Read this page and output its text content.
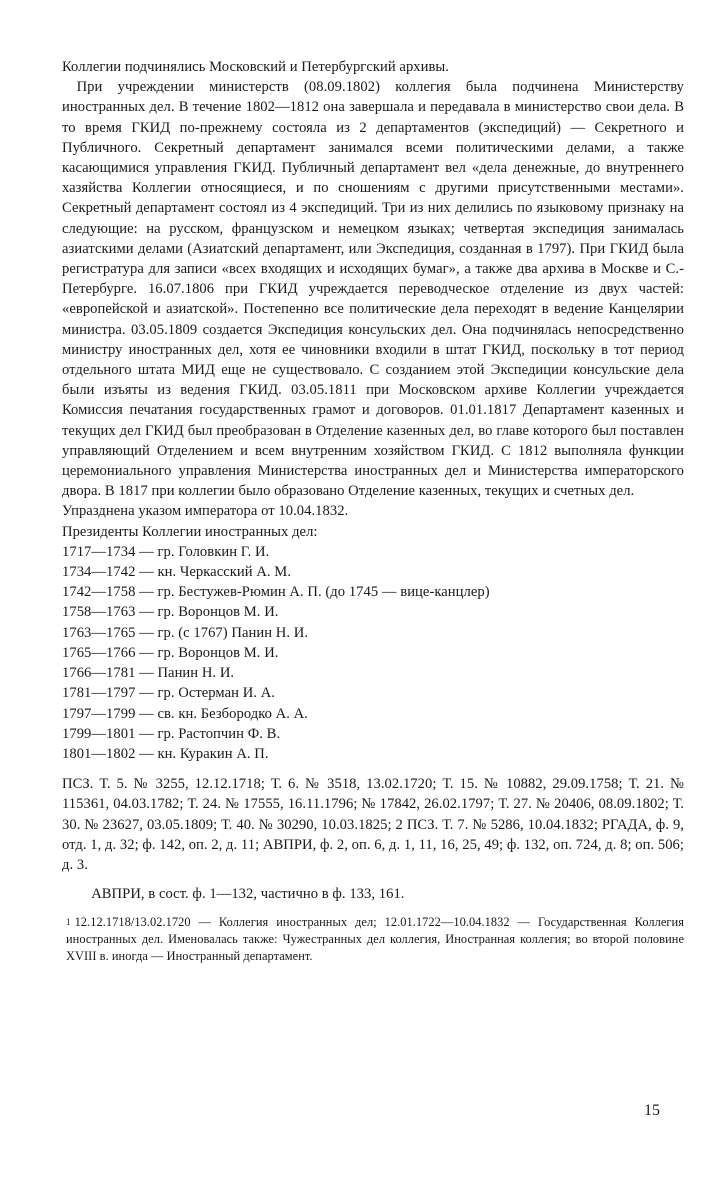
Коллегии подчинялись Московский и Петербургский архивы.

При учреждении министерств (08.09.1802) коллегия была подчинена Министерству иностранных дел. В течение 1802—1812 она завершала и передавала в министерство свои дела. В то время ГКИД по-прежнему состояла из 2 департаментов (экспедиций) — Секретного и Публичного. Секретный департамент занимался всеми политическими делами, а также касающимися управления ГКИД. Публичный департамент вел «дела денежные, до внутреннего хазяйства Коллегии относящиеся, и по сношениям с другими присутственными местами». Секретный департамент состоял из 4 экспедиций. Три из них делились по языковому признаку на следующие: на русском, французском и немецком языках; четвертая экспедиция занималась азиатскими делами (Азиатский департамент, или Экспедиция, созданная в 1797). При ГКИД была регистратура для записи «всех входящих и исходящих бумаг», а также два архива в Москве и С.-Петербурге. 16.07.1806 при ГКИД учреждается переводческое отделение из двух частей: «европейской и азиатской». Постепенно все политические дела переходят в ведение Канцелярии министра. 03.05.1809 создается Экспедиция консульских дел. Она подчинялась непосредственно министру иностранных дел, хотя ее чиновники входили в штат ГКИД, поскольку в тот период отдельного штата МИД еще не существовало. С созданием этой Экспедиции консульские дела были изъяты из ведения ГКИД. 03.05.1811 при Московском архиве Коллегии учреждается Комиссия печатания государственных грамот и договоров. 01.01.1817 Департамент казенных и текущих дел ГКИД был преобразован в Отделение казенных дел, во главе которого был поставлен управляющий Отделением и всем внутренним хозяйством ГКИД. С 1812 выполняла функции церемониального управления Министерства иностранных дел и Министерства императорского двора. В 1817 при коллегии было образовано Отделение казенных, текущих и счетных дел.

Упразднена указом императора от 10.04.1832.

Президенты Коллегии иностранных дел:

1717—1734 — гр. Головкин Г. И.
1734—1742 — кн. Черкасский А. М.
1742—1758 — гр. Бестужев-Рюмин А. П. (до 1745 — вице-канцлер)
1758—1763 — гр. Воронцов М. И.
1763—1765 — гр. (с 1767) Панин Н. И.
1765—1766 — гр. Воронцов М. И.
1766—1781 — Панин Н. И.
1781—1797 — гр. Остерман И. А.
1797—1799 — св. кн. Безбородко А. А.
1799—1801 — гр. Растопчин Ф. В.
1801—1802 — кн. Куракин А. П.

ПСЗ. Т. 5. № 3255, 12.12.1718; Т. 6. № 3518, 13.02.1720; Т. 15. № 10882, 29.09.1758; Т. 21. № 115361, 04.03.1782; Т. 24. № 17555, 16.11.1796; № 17842, 26.02.1797; Т. 27. № 20406, 08.09.1802; Т. 30. № 23627, 03.05.1809; Т. 40. № 30290, 10.03.1825; 2 ПСЗ. Т. 7. № 5286, 10.04.1832; РГАДА, ф. 9, отд. 1, д. 32; ф. 142, оп. 2, д. 11; АВПРИ, ф. 2, оп. 6, д. 1, 11, 16, 25, 49; ф. 132, оп. 724, д. 8; оп. 506; д. 3.

АВПРИ, в сост. ф. 1—132, частично в ф. 133, 161.

$^1$ 12.12.1718/13.02.1720 — Коллегия иностранных дел; 12.01.1722—10.04.1832 — Государственная Коллегия иностранных дел. Именовалась также: Чужестранных дел коллегия, Иностранная коллегия; во второй половине XVIII в. иногда — Иностранный департамент.

15
